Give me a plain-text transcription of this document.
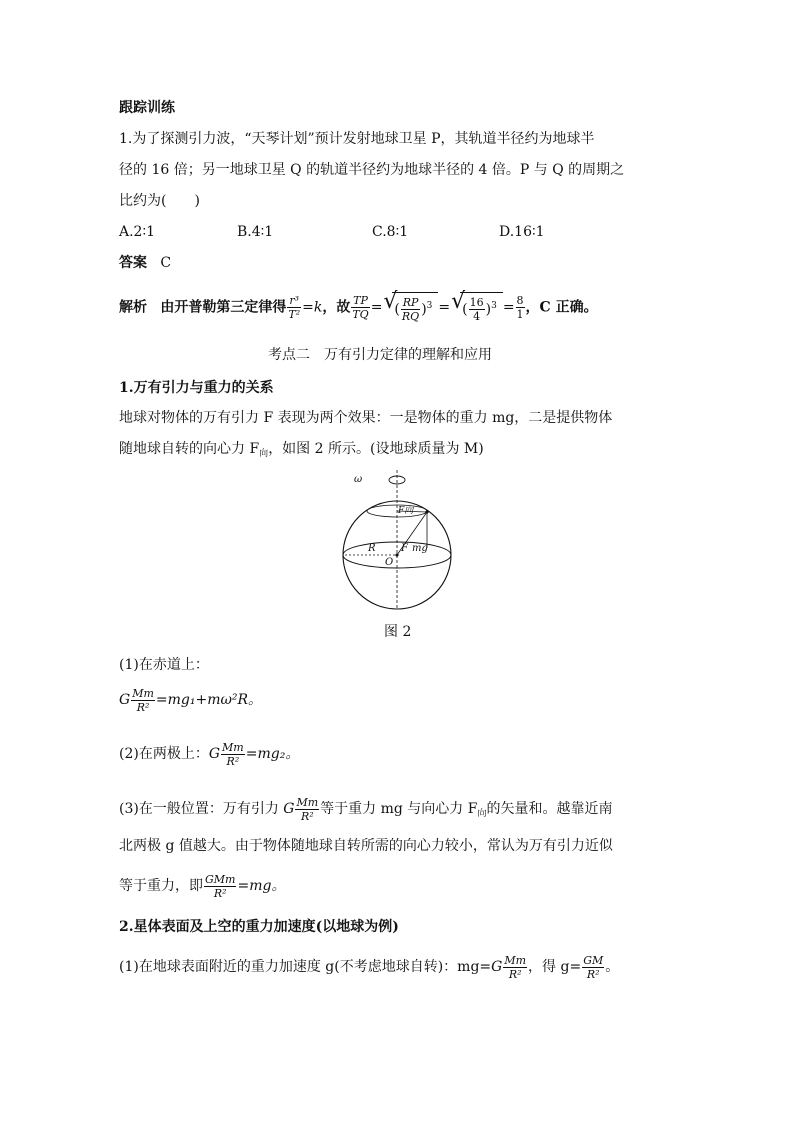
跟踪训练
1.为了探测引力波，“天琴计划”预计发射地球卫星 P，其轨道半径约为地球半
径的 16 倍；另一地球卫星 Q 的轨道半径约为地球半径的 4 倍。P 与 Q 的周期之
比约为(　　)
A.2∶1	B.4∶1	C.8∶1	D.16∶1
答案 C
解析 由开普勒第三定律得 $\frac{\text{r³}}{\text{T²}} =k$，故 $\frac{TP}{TQ}$ = √ ( $\frac{RP}{RQ} )^3$ = √ ( $\frac{16}{4} )^3 = \frac{8}{1}$ ，C 正确。
考点二　万有引力定律的理解和应用
1.万有引力与重力的关系
地球对物体的万有引力 F 表现为两个效果：一是物体的重力 mg，二是提供物体
随地球自转的向心力 $F_向$，如图 2 所示。(设地球质量为 M)
ω
F向
R	F mg
O
图 2
(1)在赤道上：
G $\frac{Mm}{\text{R²}} =mg_1+m\omega^2R$。
(2)在两极上：G $\frac{Mm}{\text{R²}} =mg_2$。
(3)在一般位置：万有引力 G $\frac{Mm}{\text{R²}}$ 等于重力 mg 与向心力 $F_向$的矢量和。越靠近南
北两极 g 值越大。由于物体随地球自转所需的向心力较小，常认为万有引力近似
等于重力，即 $\frac{\text{GMm}}{\text{R²}} =mg$。
2.星体表面及上空的重力加速度(以地球为例)
(1)在地球表面附近的重力加速度 g(不考虑地球自转)：$mg=G \frac{Mm}{\text{R²}}$ ，得 $g= \frac{GM}{\text{R²}}$ 。
